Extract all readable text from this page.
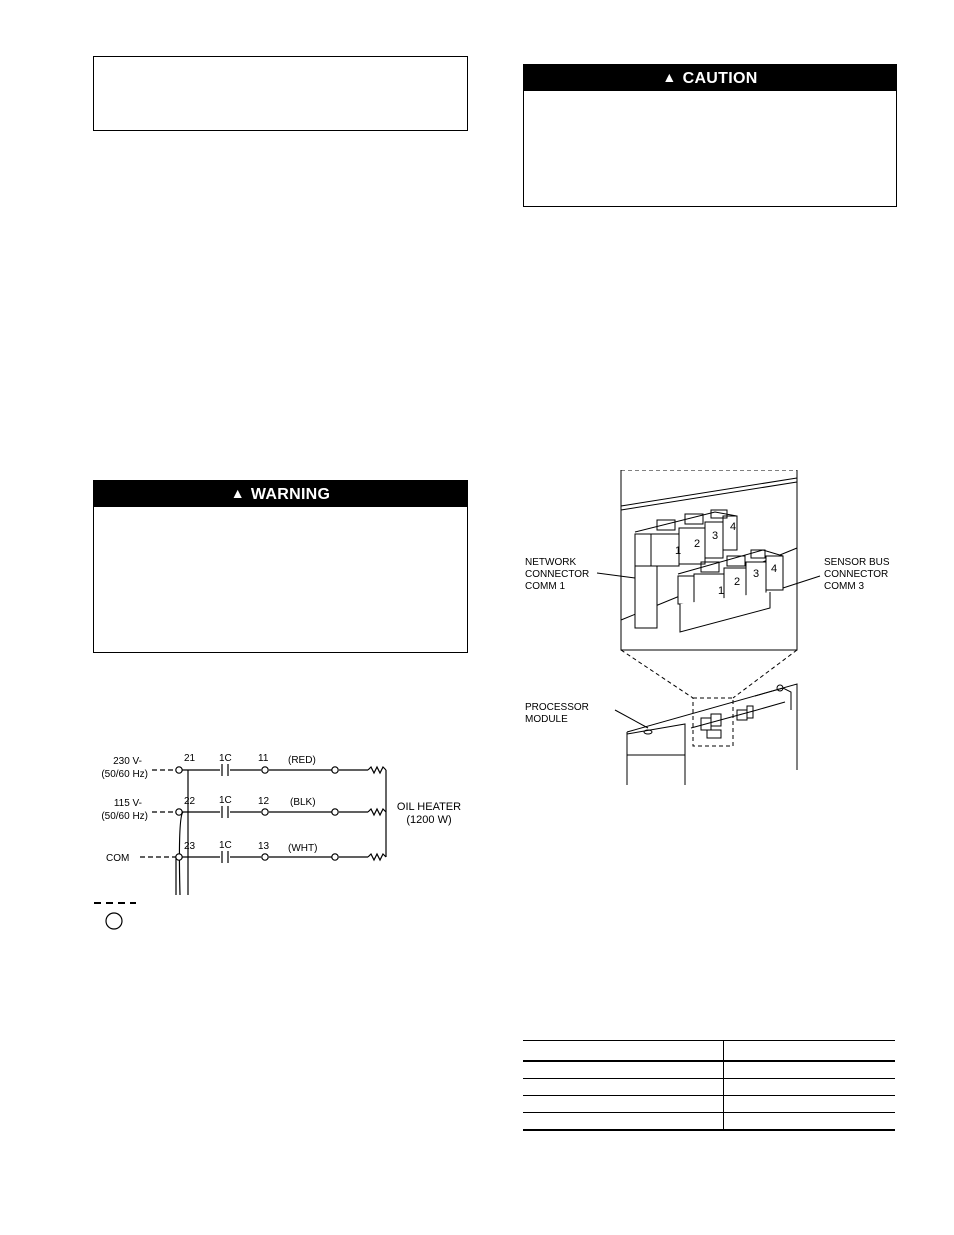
▲ CAUTION
▲ WARNING
230 V-
(50/60 Hz)
115 V-
(50/60 Hz)
COM
21
22
23
1C
1C
1C
11
12
13
(RED)
(BLK)
(WHT)
OIL HEATER
(1200 W)
1
2
3
4
1
2
3 4
NETWORK
CONNECTOR
COMM 1
SENSOR BUS
CONNECTOR
COMM 3
PROCESSOR
MODULE
